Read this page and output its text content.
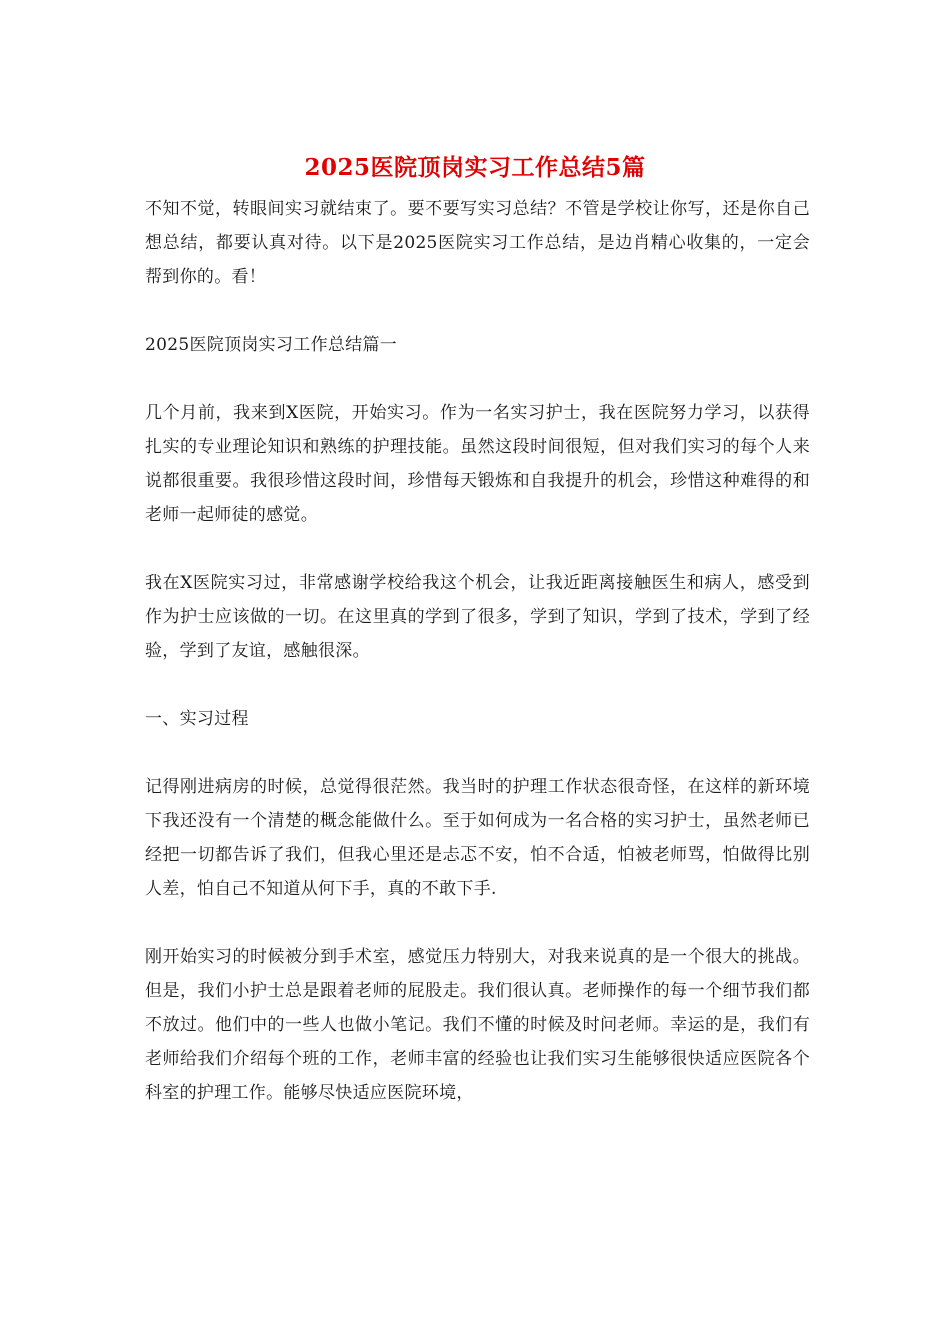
2025医院顶岗实习工作总结5篇

不知不觉，转眼间实习就结束了。要不要写实习总结？不管是学校让你写，还是你自己想总结，都要认真对待。以下是2025医院实习工作总结，是边肖精心收集的，一定会帮到你的。看！

2025医院顶岗实习工作总结篇一

几个月前，我来到X医院，开始实习。作为一名实习护士，我在医院努力学习，以获得扎实的专业理论知识和熟练的护理技能。虽然这段时间很短，但对我们实习的每个人来说都很重要。我很珍惜这段时间，珍惜每天锻炼和自我提升的机会，珍惜这种难得的和老师一起师徒的感觉。

我在X医院实习过，非常感谢学校给我这个机会，让我近距离接触医生和病人，感受到作为护士应该做的一切。在这里真的学到了很多，学到了知识，学到了技术，学到了经验，学到了友谊，感触很深。

一、实习过程

记得刚进病房的时候，总觉得很茫然。我当时的护理工作状态很奇怪，在这样的新环境下我还没有一个清楚的概念能做什么。至于如何成为一名合格的实习护士，虽然老师已经把一切都告诉了我们，但我心里还是忐忑不安，怕不合适，怕被老师骂，怕做得比别人差，怕自己不知道从何下手，真的不敢下手.

刚开始实习的时候被分到手术室，感觉压力特别大，对我来说真的是一个很大的挑战。但是，我们小护士总是跟着老师的屁股走。我们很认真。老师操作的每一个细节我们都不放过。他们中的一些人也做小笔记。我们不懂的时候及时问老师。幸运的是，我们有老师给我们介绍每个班的工作，老师丰富的经验也让我们实习生能够很快适应医院各个科室的护理工作。能够尽快适应医院环境，
